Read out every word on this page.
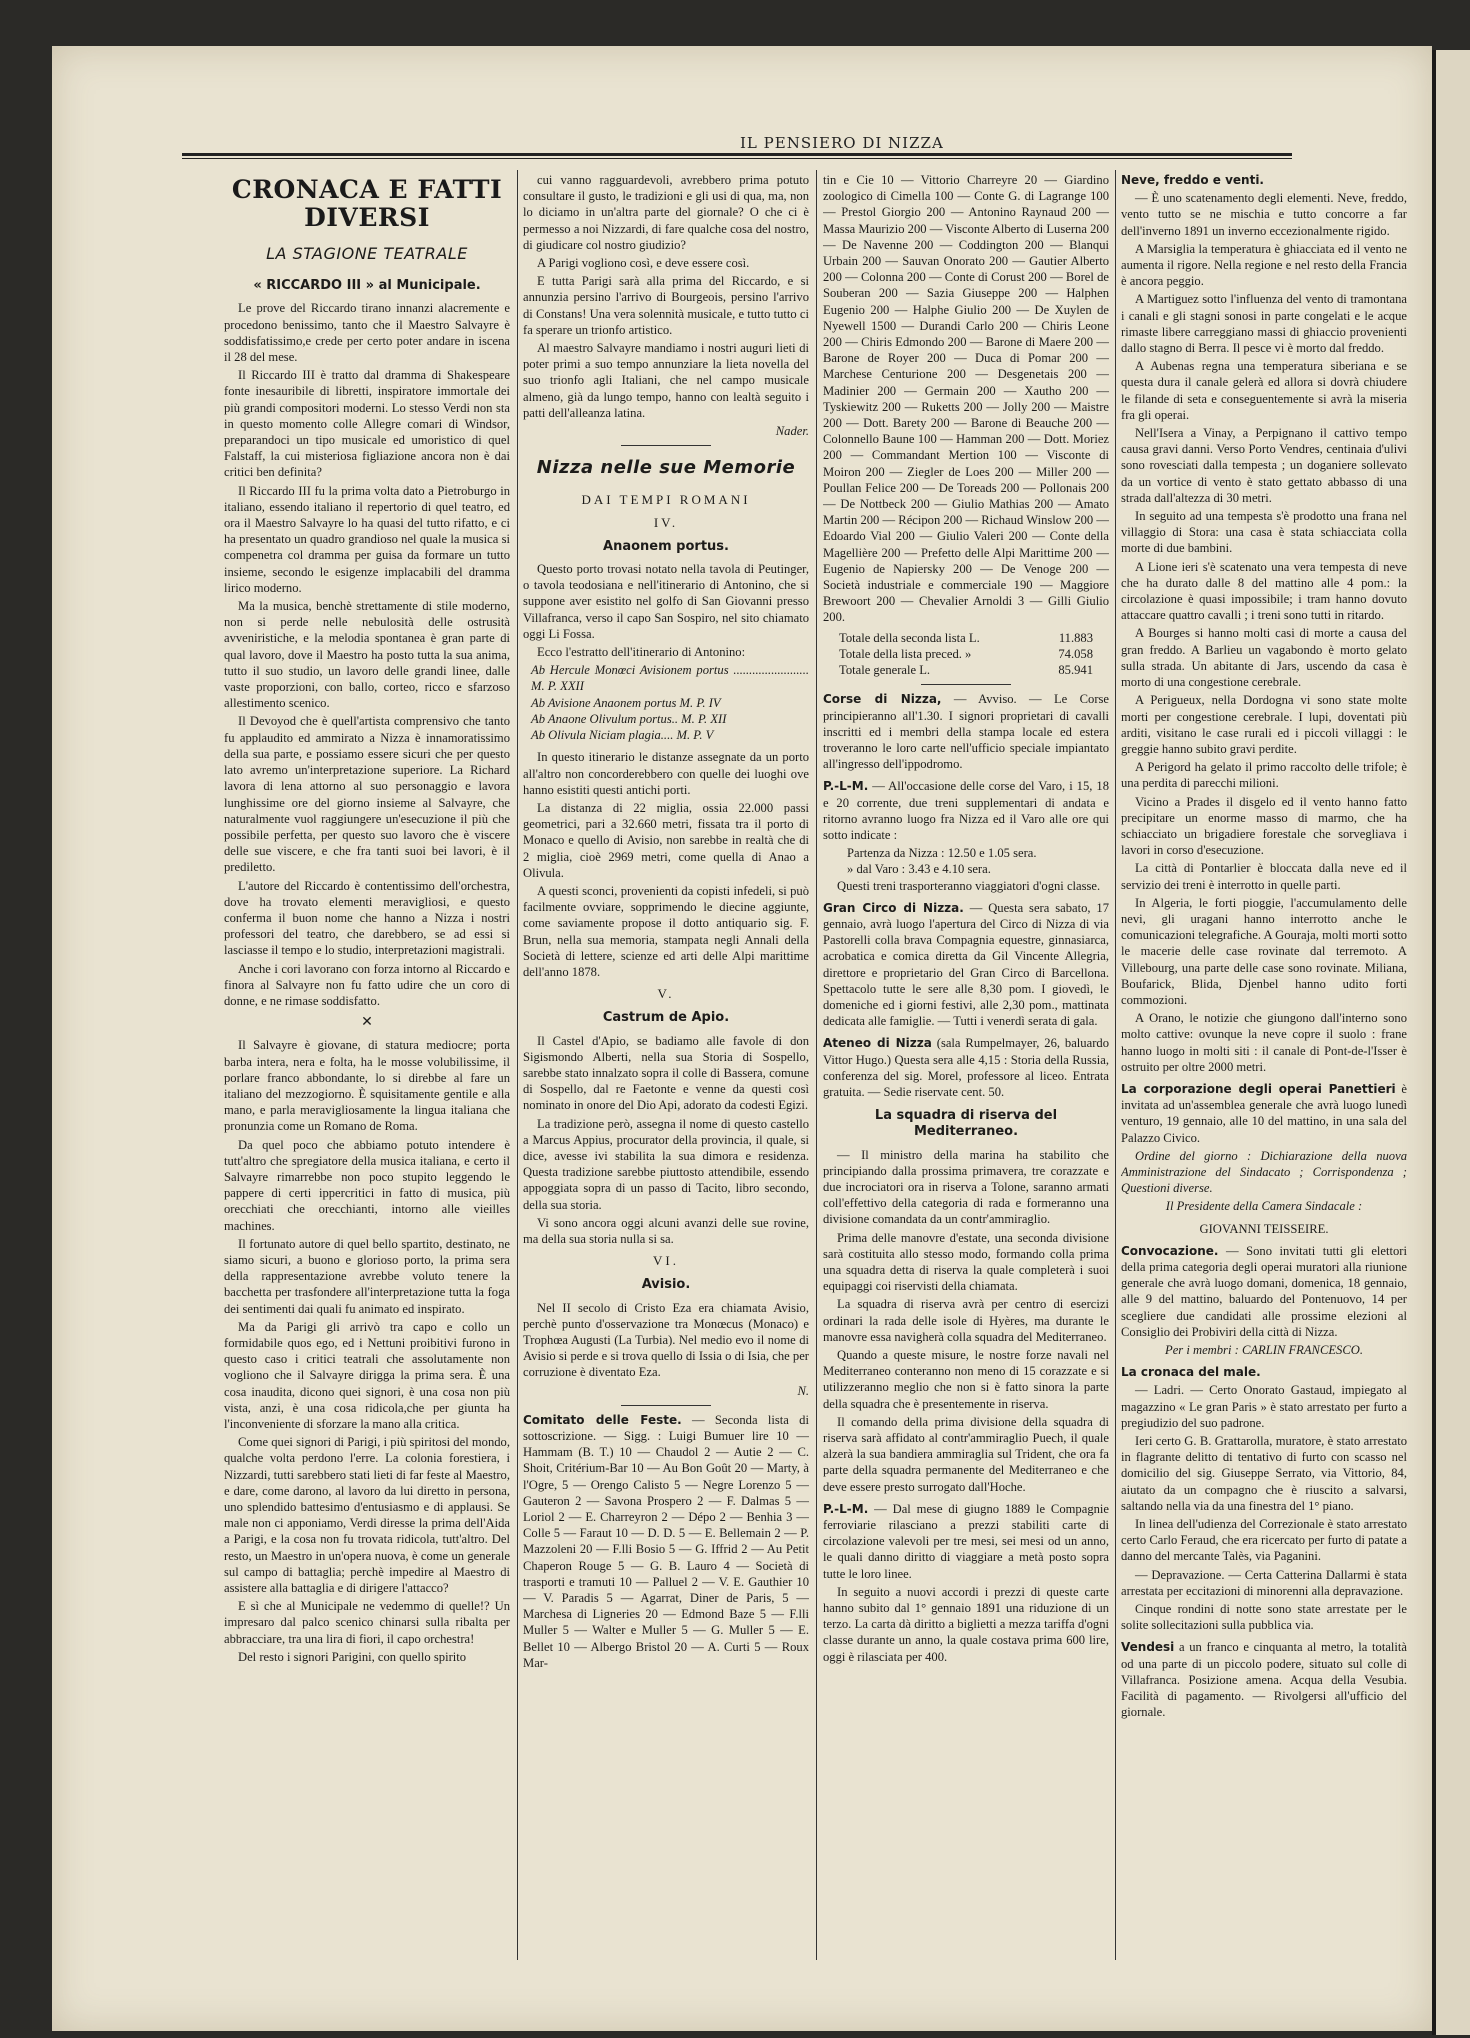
IL PENSIERO DI NIZZA
CRONACA E FATTI DIVERSI
LA STAGIONE TEATRALE
« RICCARDO III » al Municipale.

Le prove del Riccardo tirano innanzi alacremente e procedono benissimo, tanto che il Maestro Salvayre è soddisfatissimo,e crede per certo poter andare in iscena il 28 del mese.

Il Riccardo III è tratto dal dramma di Shakespeare fonte inesauribile di libretti, inspiratore immortale dei più grandi compositori moderni. Lo stesso Verdi non sta in questo momento colle Allegre comari di Windsor, preparandoci un tipo musicale ed umoristico di quel Falstaff, la cui misteriosa figliazione ancora non è dai critici ben definita?

Il Riccardo III fu la prima volta dato a Pietroburgo in italiano, essendo italiano il repertorio di quel teatro, ed ora il Maestro Salvayre lo ha quasi del tutto rifatto, e ci ha presentato un quadro grandioso nel quale la musica si compenetra col dramma per guisa da formare un tutto insieme, secondo le esigenze implacabili del dramma lirico moderno.

Ma la musica, benchè strettamente di stile moderno, non si perde nelle nebulosità delle ostrusità avveniristiche, e la melodia spontanea è gran parte di qual lavoro, dove il Maestro ha posto tutta la sua anima, tutto il suo studio, un lavoro delle grandi linee, dalle vaste proporzioni, con ballo, corteo, ricco e sfarzoso allestimento scenico.

Il Devoyod che è quell'artista comprensivo che tanto fu applaudito ed ammirato a Nizza è innamoratissimo della sua parte, e possiamo essere sicuri che per questo lato avremo un'interpretazione superiore. La Richard lavora di lena attorno al suo personaggio e lavora lunghissime ore del giorno insieme al Salvayre, che naturalmente vuol raggiungere un'esecuzione il più che possibile perfetta, per questo suo lavoro che è viscere delle sue viscere, e che fra tanti suoi bei lavori, è il prediletto.

L'autore del Riccardo è contentissimo dell'orchestra, dove ha trovato elementi meravigliosi, e questo conferma il buon nome che hanno a Nizza i nostri professori del teatro, che darebbero, se ad essi si lasciasse il tempo e lo studio, interpretazioni magistrali.

Anche i cori lavorano con forza intorno al Riccardo e finora al Salvayre non fu fatto udire che un coro di donne, e ne rimase soddisfatto.

✕

Il Salvayre è giovane, di statura mediocre; porta barba intera, nera e folta, ha le mosse volubilissime, il porlare franco abbondante, lo si direbbe al fare un italiano del mezzogiorno. È squisitamente gentile e alla mano, e parla meravigliosamente la lingua italiana che pronunzia come un Romano de Roma.

Da quel poco che abbiamo potuto intendere è tutt'altro che spregiatore della musica italiana, e certo il Salvayre rimarrebbe non poco stupito leggendo le pappere di certi ippercritici in fatto di musica, più orecchiati che orecchianti, intorno alle vieilles machines.

Il fortunato autore di quel bello spartito, destinato, ne siamo sicuri, a buono e glorioso porto, la prima sera della rappresentazione avrebbe voluto tenere la bacchetta per trasfondere all'interpretazione tutta la foga dei sentimenti dai quali fu animato ed inspirato.

Ma da Parigi gli arrivò tra capo e collo un formidabile quos ego, ed i Nettuni proibitivi furono in questo caso i critici teatrali che assolutamente non vogliono che il Salvayre dirigga la prima sera. È una cosa inaudita, dicono quei signori, è una cosa non più vista, anzi, è una cosa ridicola,che per giunta ha l'inconveniente di sforzare la mano alla critica.

Come quei signori di Parigi, i più spiritosi del mondo, qualche volta perdono l'erre. La colonia forestiera, i Nizzardi, tutti sarebbero stati lieti di far feste al Maestro, e dare, come darono, al lavoro da lui diretto in persona, uno splendido battesimo d'entusiasmo e di applausi. Se male non ci apponiamo, Verdi diresse la prima dell'Aida a Parigi, e la cosa non fu trovata ridicola, tutt'altro. Del resto, un Maestro in un'opera nuova, è come un generale sul campo di battaglia; perchè impedire al Maestro di assistere alla battaglia e di dirigere l'attacco?

E sì che al Municipale ne vedemmo di quelle!? Un impresaro dal palco scenico chinarsi sulla ribalta per abbracciare, tra una lira di fiori, il capo orchestra!

Del resto i signori Parigini, con quello spirito

cui vanno ragguardevoli, avrebbero prima potuto consultare il gusto, le tradizioni e gli usi di qua, ma, non lo diciamo in un'altra parte del giornale? O che ci è permesso a noi Nizzardi, di fare qualche cosa del nostro, di giudicare col nostro giudizio?

A Parigi vogliono così, e deve essere così.

E tutta Parigi sarà alla prima del Riccardo, e si annunzia persino l'arrivo di Bourgeois, persino l'arrivo di Constans! Una vera solennità musicale, e tutto tutto ci fa sperare un trionfo artistico.

Al maestro Salvayre mandiamo i nostri auguri lieti di poter primi a suo tempo annunziare la lieta novella del suo trionfo agli Italiani, che nel campo musicale almeno, già da lungo tempo, hanno con lealtà seguito i patti dell'alleanza latina.

Nader.
Nizza nelle sue Memorie
DAI TEMPI ROMANI
IV.
Anaonem portus.

Questo porto trovasi notato nella tavola di Peutinger, o tavola teodosiana e nell'itinerario di Antonino, che si suppone aver esistito nel golfo di San Giovanni presso Villafranca, verso il capo San Sospiro, nel sito chiamato oggi Li Fossa.

Ecco l'estratto dell'itinerario di Antonino:

Ab Hercule Monœci Avisionem portus ........................ M. P. XXII
Ab Avisione Anaonem portus M. P. IV
Ab Anaone Olivulum portus.. M. P. XII
Ab Olivula Niciam plagia.... M. P. V

In questo itinerario le distanze assegnate da un porto all'altro non concorderebbero con quelle dei luoghi ove hanno esistiti questi antichi porti.

La distanza di 22 miglia, ossia 22.000 passi geometrici, pari a 32.660 metri, fissata tra il porto di Monaco e quello di Avisio, non sarebbe in realtà che di 2 miglia, cioè 2969 metri, come quella di Anao a Olivula.

A questi sconci, provenienti da copisti infedeli, si può facilmente ovviare, sopprimendo le diecine aggiunte, come saviamente propose il dotto antiquario sig. F. Brun, nella sua memoria, stampata negli Annali della Società di lettere, scienze ed arti delle Alpi marittime dell'anno 1878.

V.
Castrum de Apio.

Il Castel d'Apio, se badiamo alle favole di don Sigismondo Alberti, nella sua Storia di Sospello, sarebbe stato innalzato sopra il colle di Bassera, comune di Sospello, dal re Faetonte e venne da questi così nominato in onore del Dio Api, adorato da codesti Egizi.

La tradizione però, assegna il nome di questo castello a Marcus Appius, procurator della provincia, il quale, si dice, avesse ivi stabilita la sua dimora e residenza. Questa tradizione sarebbe piuttosto attendibile, essendo appoggiata sopra di un passo di Tacito, libro secondo, della sua storia.

Vi sono ancora oggi alcuni avanzi delle sue rovine, ma della sua storia nulla si sa.

VI.
Avisio.

Nel II secolo di Cristo Eza era chiamata Avisio, perchè punto d'osservazione tra Monœcus (Monaco) e Trophœa Augusti (La Turbia). Nel medio evo il nome di Avisio si perde e si trova quello di Issia o di Isia, che per corruzione è diventato Eza.

N.

Comitato delle Feste. — Seconda lista di sottoscrizione. — Sigg. : Luigi Bumuer lire 10 — Hammam (B. T.) 10 — Chaudol 2 — Autie 2 — C. Shoit, Critérium-Bar 10 — Au Bon Goût 20 — Marty, à l'Ogre, 5 — Orengo Calisto 5 — Negre Lorenzo 5 — Gauteron 2 — Savona Prospero 2 — F. Dalmas 5 — Loriol 2 — E. Charreyron 2 — Dépo 2 — Benhia 3 — Colle 5 — Faraut 10 — D. D. 5 — E. Bellemain 2 — P. Mazzoleni 20 — F.lli Bosio 5 — G. Iffrid 2 — Au Petit Chaperon Rouge 5 — G. B. Lauro 4 — Società di trasporti e tramuti 10 — Palluel 2 — V. E. Gauthier 10 — V. Paradis 5 — Agarrat, Diner de Paris, 5 — Marchesa di Ligneries 20 — Edmond Baze 5 — F.lli Muller 5 — Walter e Muller 5 — G. Muller 5 — E. Bellet 10 — Albergo Bristol 20 — A. Curti 5 — Roux Mar-

tin e Cie 10 — Vittorio Charreyre 20 — Giardino zoologico di Cimella 100 — Conte G. di Lagrange 100 — Prestol Giorgio 200 — Antonino Raynaud 200 — Massa Maurizio 200 — Visconte Alberto di Luserna 200 — De Navenne 200 — Coddington 200 — Blanqui Urbain 200 — Sauvan Onorato 200 — Gautier Alberto 200 — Colonna 200 — Conte di Corust 200 — Borel de Souberan 200 — Sazia Giuseppe 200 — Halphen Eugenio 200 — Halphe Giulio 200 — De Xuylen de Nyewell 1500 — Durandi Carlo 200 — Chiris Leone 200 — Chiris Edmondo 200 — Barone di Maere 200 — Barone de Royer 200 — Duca di Pomar 200 — Marchese Centurione 200 — Desgenetais 200 — Madinier 200 — Germain 200 — Xautho 200 — Tyskiewitz 200 — Ruketts 200 — Jolly 200 — Maistre 200 — Dott. Barety 200 — Barone di Beauche 200 — Colonnello Baune 100 — Hamman 200 — Dott. Moriez 200 — Commandant Mertion 100 — Visconte di Moiron 200 — Ziegler de Loes 200 — Miller 200 — Poullan Felice 200 — De Toreads 200 — Pollonais 200 — De Nottbeck 200 — Giulio Mathias 200 — Amato Martin 200 — Récipon 200 — Richaud Winslow 200 — Edoardo Vial 200 — Giulio Valeri 200 — Conte della Magellière 200 — Prefetto delle Alpi Marittime 200 — Eugenio de Napiersky 200 — De Venoge 200 — Società industriale e commerciale 190 — Maggiore Brewoort 200 — Chevalier Arnoldi 3 — Gilli Giulio 200.

Totale della seconda lista L.	11.883
Totale della lista preced. »	74.058
Totale generale L.	85.941

Corse di Nizza, — Avviso. — Le Corse principieranno all'1.30. I signori proprietari di cavalli inscritti ed i membri della stampa locale ed estera troveranno le loro carte nell'ufficio speciale impiantato all'ingresso dell'ippodromo.

P.-L-M. — All'occasione delle corse del Varo, i 15, 18 e 20 corrente, due treni supplementari di andata e ritorno avranno luogo fra Nizza ed il Varo alle ore qui sotto indicate :

Partenza da Nizza : 12.50 e 1.05 sera.
» dal Varo : 3.43 e 4.10 sera.

Questi treni trasporteranno viaggiatori d'ogni classe.

Gran Circo di Nizza. — Questa sera sabato, 17 gennaio, avrà luogo l'apertura del Circo di Nizza di via Pastorelli colla brava Compagnia equestre, ginnasiarca, acrobatica e comica diretta da Gil Vincente Allegria, direttore e proprietario del Gran Circo di Barcellona. Spettacolo tutte le sere alle 8,30 pom. I giovedì, le domeniche ed i giorni festivi, alle 2,30 pom., mattinata dedicata alle famiglie. — Tutti i venerdì serata di gala.

Ateneo di Nizza (sala Rumpelmayer, 26, baluardo Vittor Hugo.) Questa sera alle 4,15 : Storia della Russia, conferenza del sig. Morel, professore al liceo. Entrata gratuita. — Sedie riservate cent. 50.

La squadra di riserva del Mediterraneo.

— Il ministro della marina ha stabilito che principiando dalla prossima primavera, tre corazzate e due incrociatori ora in riserva a Tolone, saranno armati coll'effettivo della categoria di rada e formeranno una divisione comandata da un contr'ammiraglio.

Prima delle manovre d'estate, una seconda divisione sarà costituita allo stesso modo, formando colla prima una squadra detta di riserva la quale completerà i suoi equipaggi coi riservisti della chiamata.

La squadra di riserva avrà per centro di esercizi ordinari la rada delle isole di Hyères, ma durante le manovre essa navigherà colla squadra del Mediterraneo.

Quando a queste misure, le nostre forze navali nel Mediterraneo conteranno non meno di 15 corazzate e si utilizzeranno meglio che non si è fatto sinora la parte della squadra che è presentemente in riserva.

Il comando della prima divisione della squadra di riserva sarà affidato al contr'ammiraglio Puech, il quale alzerà la sua bandiera ammiraglia sul Trident, che ora fa parte della squadra permanente del Mediterraneo e che deve essere presto surrogato dall'Hoche.

P.-L-M. — Dal mese di giugno 1889 le Compagnie ferroviarie rilasciano a prezzi stabiliti carte di circolazione valevoli per tre mesi, sei mesi od un anno, le quali danno diritto di viaggiare a metà posto sopra tutte le loro linee.

In seguito a nuovi accordi i prezzi di queste carte hanno subito dal 1° gennaio 1891 una riduzione di un terzo. La carta dà diritto a biglietti a mezza tariffa d'ogni classe durante un anno, la quale costava prima 600 lire, oggi è rilasciata per 400.

Neve, freddo e venti.

— È uno scatenamento degli elementi. Neve, freddo, vento tutto se ne mischia e tutto concorre a far dell'inverno 1891 un inverno eccezionalmente rigido.

A Marsiglia la temperatura è ghiacciata ed il vento ne aumenta il rigore. Nella regione e nel resto della Francia è ancora peggio.

A Martiguez sotto l'influenza del vento di tramontana i canali e gli stagni sonosi in parte congelati e le acque rimaste libere carreggiano massi di ghiaccio provenienti dallo stagno di Berra. Il pesce vi è morto dal freddo.

A Aubenas regna una temperatura siberiana e se questa dura il canale gelerà ed allora si dovrà chiudere le filande di seta e conseguentemente si avrà la miseria fra gli operai.

Nell'Isera a Vinay, a Perpignano il cattivo tempo causa gravi danni. Verso Porto Vendres, centinaia d'ulivi sono rovesciati dalla tempesta ; un doganiere sollevato da un vortice di vento è stato gettato abbasso di una strada dall'altezza di 30 metri.

In seguito ad una tempesta s'è prodotto una frana nel villaggio di Stora: una casa è stata schiacciata colla morte di due bambini.

A Lione ieri s'è scatenato una vera tempesta di neve che ha durato dalle 8 del mattino alle 4 pom.: la circolazione è quasi impossibile; i tram hanno dovuto attaccare quattro cavalli ; i treni sono tutti in ritardo.

A Bourges si hanno molti casi di morte a causa del gran freddo. A Barlieu un vagabondo è morto gelato sulla strada. Un abitante di Jars, uscendo da casa è morto di una congestione cerebrale.

A Perigueux, nella Dordogna vi sono state molte morti per congestione cerebrale. I lupi, doventati più arditi, visitano le case rurali ed i piccoli villaggi : le greggie hanno subito gravi perdite.

A Perigord ha gelato il primo raccolto delle trifole; è una perdita di parecchi milioni.

Vicino a Prades il disgelo ed il vento hanno fatto precipitare un enorme masso di marmo, che ha schiacciato un brigadiere forestale che sorvegliava i lavori in corso d'esecuzione.

La città di Pontarlier è bloccata dalla neve ed il servizio dei treni è interrotto in quelle parti.

In Algeria, le forti pioggie, l'accumulamento delle nevi, gli uragani hanno interrotto anche le comunicazioni telegrafiche. A Gouraja, molti morti sotto le macerie delle case rovinate dal terremoto. A Villebourg, una parte delle case sono rovinate. Miliana, Boufarick, Blida, Djenbel hanno udito forti commozioni.

A Orano, le notizie che giungono dall'interno sono molto cattive: ovunque la neve copre il suolo : frane hanno luogo in molti siti : il canale di Pont-de-l'Isser è ostruito per oltre 2000 metri.

La corporazione degli operai Panettieri è invitata ad un'assemblea generale che avrà luogo lunedì venturo, 19 gennaio, alle 10 del mattino, in una sala del Palazzo Civico.

Ordine del giorno : Dichiarazione della nuova Amministrazione del Sindacato ; Corrispondenza ; Questioni diverse.

Il Presidente della Camera Sindacale :
GIOVANNI TEISSEIRE.

Convocazione. — Sono invitati tutti gli elettori della prima categoria degli operai muratori alla riunione generale che avrà luogo domani, domenica, 18 gennaio, alle 9 del mattino, baluardo del Pontenuovo, 14 per scegliere due candidati alle prossime elezioni al Consiglio dei Probiviri della città di Nizza.

Per i membri : CARLIN FRANCESCO.

La cronaca del male.

— Ladri. — Certo Onorato Gastaud, impiegato al magazzino « Le gran Paris » è stato arrestato per furto a pregiudizio del suo padrone.

Ieri certo G. B. Grattarolla, muratore, è stato arrestato in flagrante delitto di tentativo di furto con scasso nel domicilio del sig. Giuseppe Serrato, via Vittorio, 84, aiutato da un compagno che è riuscito a salvarsi, saltando nella via da una finestra del 1° piano.

In linea dell'udienza del Correzionale è stato arrestato certo Carlo Feraud, che era ricercato per furto di patate a danno del mercante Talès, via Paganini.

— Depravazione. — Certa Catterina Dallarmi è stata arrestata per eccitazioni di minorenni alla depravazione.

Cinque rondini di notte sono state arrestate per le solite sollecitazioni sulla pubblica via.

Vendesi a un franco e cinquanta al metro, la totalità od una parte di un piccolo podere, situato sul colle di Villafranca. Posizione amena. Acqua della Vesubia. Facilità di pagamento. — Rivolgersi all'ufficio del giornale.
